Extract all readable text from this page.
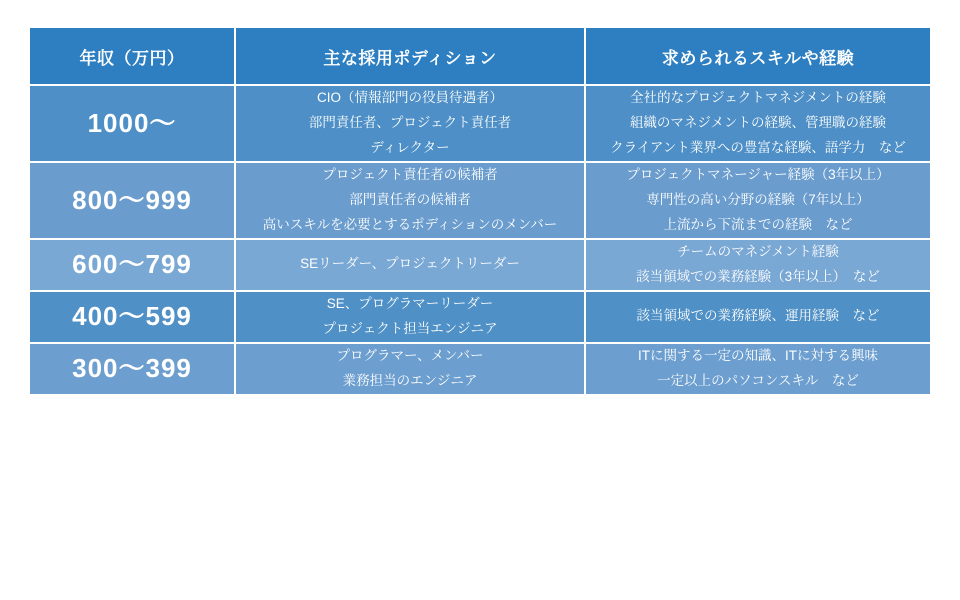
年収（万円）	主な採用ポディション	求められるスキルや経験
1000〜	CIO（情報部門の役員待遇者）
部門責任者、プロジェクト責任者
ディレクター	全社的なプロジェクトマネジメントの経験
組織のマネジメントの経験、管理職の経験
クライアント業界への豊富な経験、語学力　など

800〜999	プロジェクト責任者の候補者
部門責任者の候補者
高いスキルを必要とするポディションのメンバー	プロジェクトマネージャー経験（3年以上）
専門性の高い分野の経験（7年以上）
上流から下流までの経験　など

600〜799	SEリーダー、プロジェクトリーダー	チームのマネジメント経験
該当領域での業務経験（3年以上）　など

400〜599	SE、プログラマーリーダー
プロジェクト担当エンジニア	該当領域での業務経験、運用経験　など

300〜399	プログラマー、メンバー
業務担当のエンジニア	ITに関する一定の知識、ITに対する興味
一定以上のパソコンスキル　など
